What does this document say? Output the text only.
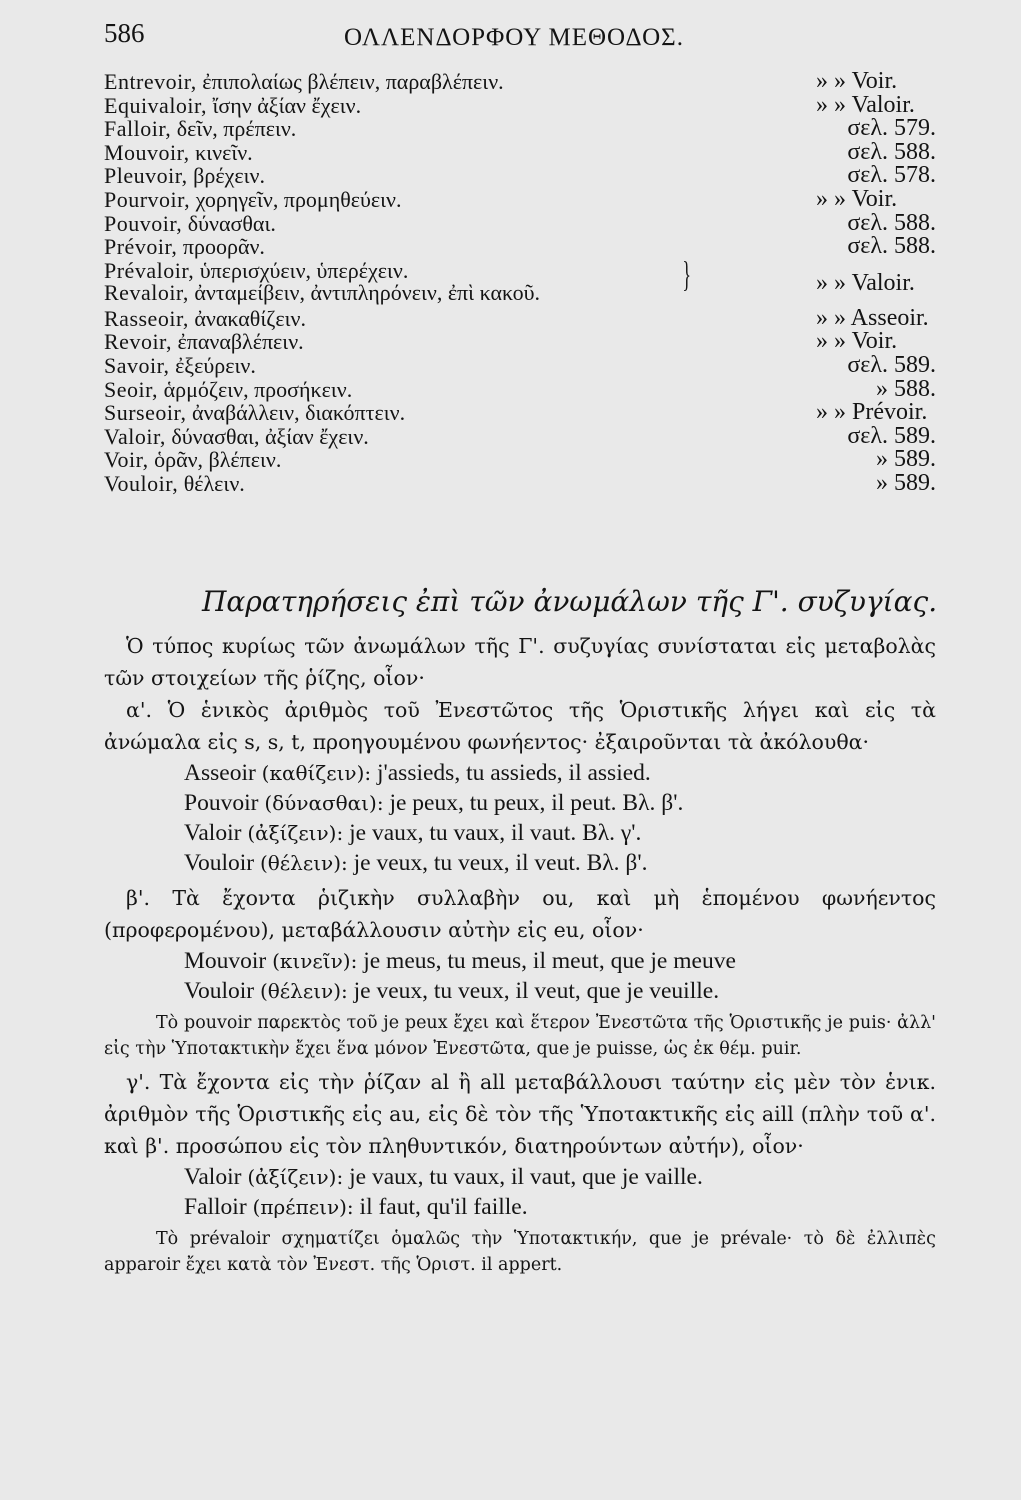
586	ΟΛΛΕΝΔΟΡΦΟΥ ΜΕΘΟΔΟΣ.
Entrevoir, ἐπιπολαίως βλέπειν, παραβλέπειν.	» » Voir.
Equivaloir, ἴσην ἀξίαν ἔχειν.	» » Valoir.
Falloir, δεῖν, πρέπειν.	σελ. 579.
Mouvoir, κινεῖν.	σελ. 588.
Pleuvoir, βρέχειν.	σελ. 578.
Pourvoir, χορηγεῖν, προμηθεύειν.	» » Voir.
Pouvoir, δύνασθαι.	σελ. 588.
Prévoir, προορᾶν.	σελ. 588.
Prévaloir, ὑπερισχύειν, ὑπερέχειν.
Revaloir, ἀνταμείβειν, ἀντιπληρόνειν, ἐπὶ κακοῦ.	}	» » Valoir.
Rasseoir, ἀνακαθίζειν.	» » Asseoir.
Revoir, ἐπαναβλέπειν.	» » Voir.
Savoir, ἐξεύρειν.	σελ. 589.
Seoir, ἁρμόζειν, προσήκειν.	» 588.
Surseoir, ἀναβάλλειν, διακόπτειν.	» » Prévoir.
Valoir, δύνασθαι, ἀξίαν ἔχειν.	σελ. 589.
Voir, ὁρᾶν, βλέπειν.	» 589.
Vouloir, θέλειν.	» 589.
Παρατηρήσεις ἐπὶ τῶν ἀνωμάλων τῆς Γ'. συζυγίας.
Ὁ τύπος κυρίως τῶν ἀνωμάλων τῆς Γ'. συζυγίας συνίσταται εἰς μεταβολὰς τῶν στοιχείων τῆς ῥίζης, οἷον·
α'. Ὁ ἑνικὸς ἀριθμὸς τοῦ Ἐνεστῶτος τῆς Ὁριστικῆς λήγει καὶ εἰς τὰ ἀνώμαλα εἰς s, s, t, προηγουμένου φωνήεντος· ἐξαιροῦνται τὰ ἀκόλουθα·
Asseoir (καθίζειν): j'assieds, tu assieds, il assied.
Pouvoir (δύνασθαι): je peux, tu peux, il peut. Βλ. β'.
Valoir (ἀξίζειν): je vaux, tu vaux, il vaut. Βλ. γ'.
Vouloir (θέλειν): je veux, tu veux, il veut. Βλ. β'.
β'. Τὰ ἔχοντα ῥιζικὴν συλλαβὴν ou, καὶ μὴ ἑπομένου φωνήεντος (προφερομένου), μεταβάλλουσιν αὐτὴν εἰς eu, οἷον·
Mouvoir (κινεῖν): je meus, tu meus, il meut, que je meuve
Vouloir (θέλειν): je veux, tu veux, il veut, que je veuille.
Τὸ pouvoir παρεκτὸς τοῦ je peux ἔχει καὶ ἕτερον Ἐνεστῶτα τῆς Ὁριστικῆς je puis· ἀλλ' εἰς τὴν Ὑποτακτικὴν ἔχει ἕνα μόνον Ἐνεστῶτα, que je puisse, ὡς ἐκ θέμ. puir.
γ'. Τὰ ἔχοντα εἰς τὴν ῥίζαν al ἢ all μεταβάλλουσι ταύτην εἰς μὲν τὸν ἑνικ. ἀριθμὸν τῆς Ὁριστικῆς εἰς au, εἰς δὲ τὸν τῆς Ὑποτακτικῆς εἰς aill (πλὴν τοῦ α'. καὶ β'. προσώπου εἰς τὸν πληθυντικόν, διατηρούντων αὐτήν), οἷον·
Valoir (ἀξίζειν): je vaux, tu vaux, il vaut, que je vaille.
Falloir (πρέπειν): il faut, qu'il faille.
Τὸ prévaloir σχηματίζει ὁμαλῶς τὴν Ὑποτακτικήν, que je prévale· τὸ δὲ ἐλλιπὲς apparoir ἔχει κατὰ τὸν Ἐνεστ. τῆς Ὁριστ. il appert.
